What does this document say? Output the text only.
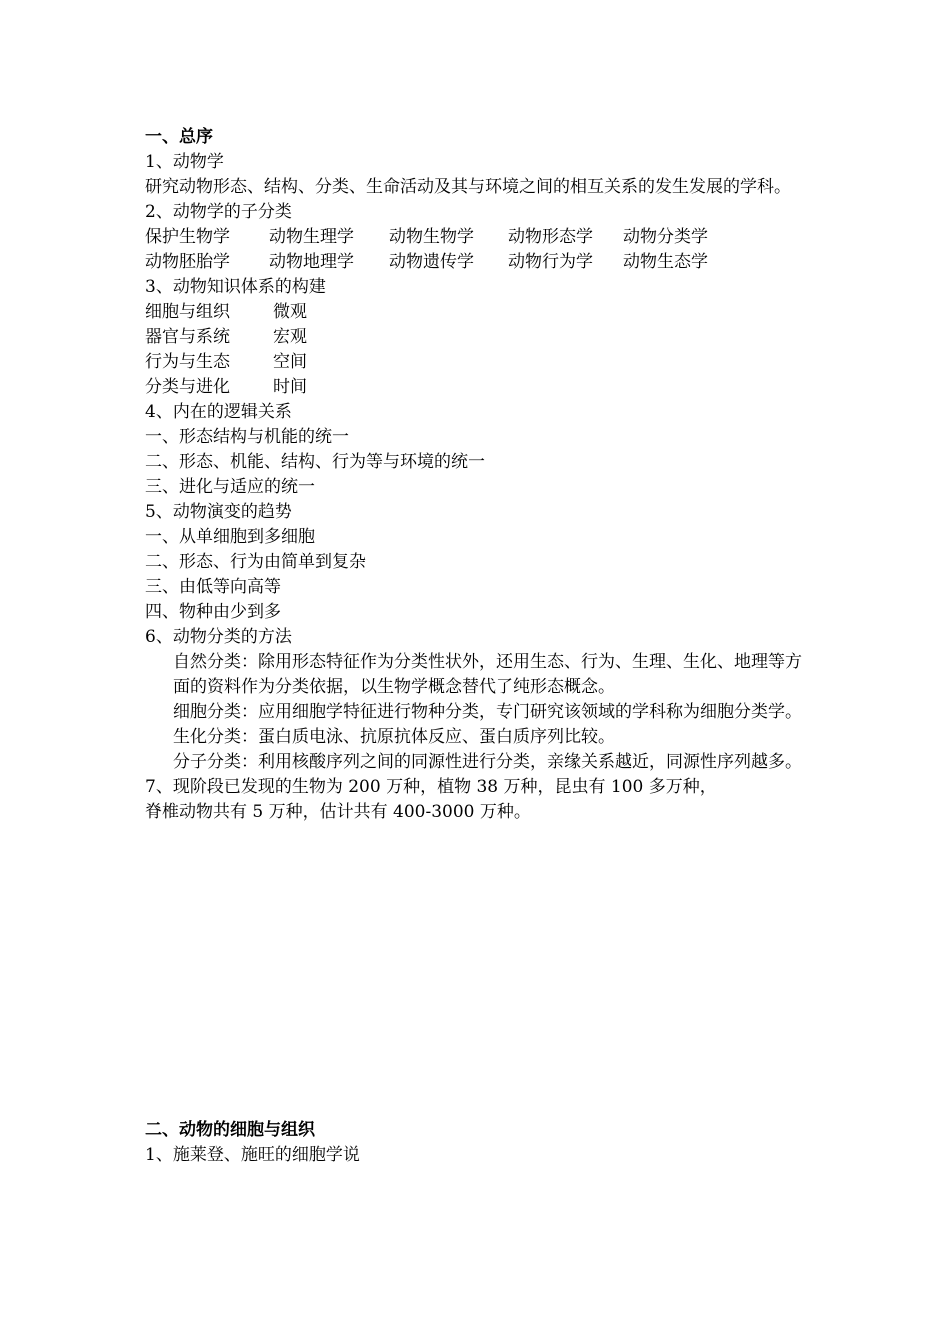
一、总序
1、动物学
研究动物形态、结构、分类、生命活动及其与环境之间的相互关系的发生发展的学科。
2、动物学的子分类
保护生物学	动物生理学	动物生物学	动物形态学	动物分类学
动物胚胎学	动物地理学	动物遗传学	动物行为学	动物生态学
3、动物知识体系的构建
细胞与组织	微观
器官与系统	宏观
行为与生态	空间
分类与进化	时间
4、内在的逻辑关系
一、形态结构与机能的统一
二、形态、机能、结构、行为等与环境的统一
三、进化与适应的统一
5、动物演变的趋势
一、从单细胞到多细胞
二、形态、行为由简单到复杂
三、由低等向高等
四、物种由少到多
6、动物分类的方法
自然分类：除用形态特征作为分类性状外，还用生态、行为、生理、生化、地理等方面的资料作为分类依据，以生物学概念替代了纯形态概念。
细胞分类：应用细胞学特征进行物种分类，专门研究该领域的学科称为细胞分类学。
生化分类：蛋白质电泳、抗原抗体反应、蛋白质序列比较。
分子分类：利用核酸序列之间的同源性进行分类，亲缘关系越近，同源性序列越多。
7、现阶段已发现的生物为 200 万种，植物 38 万种，昆虫有 100 多万种，
脊椎动物共有 5 万种，估计共有 400-3000 万种。
二、动物的细胞与组织
1、施莱登、施旺的细胞学说
